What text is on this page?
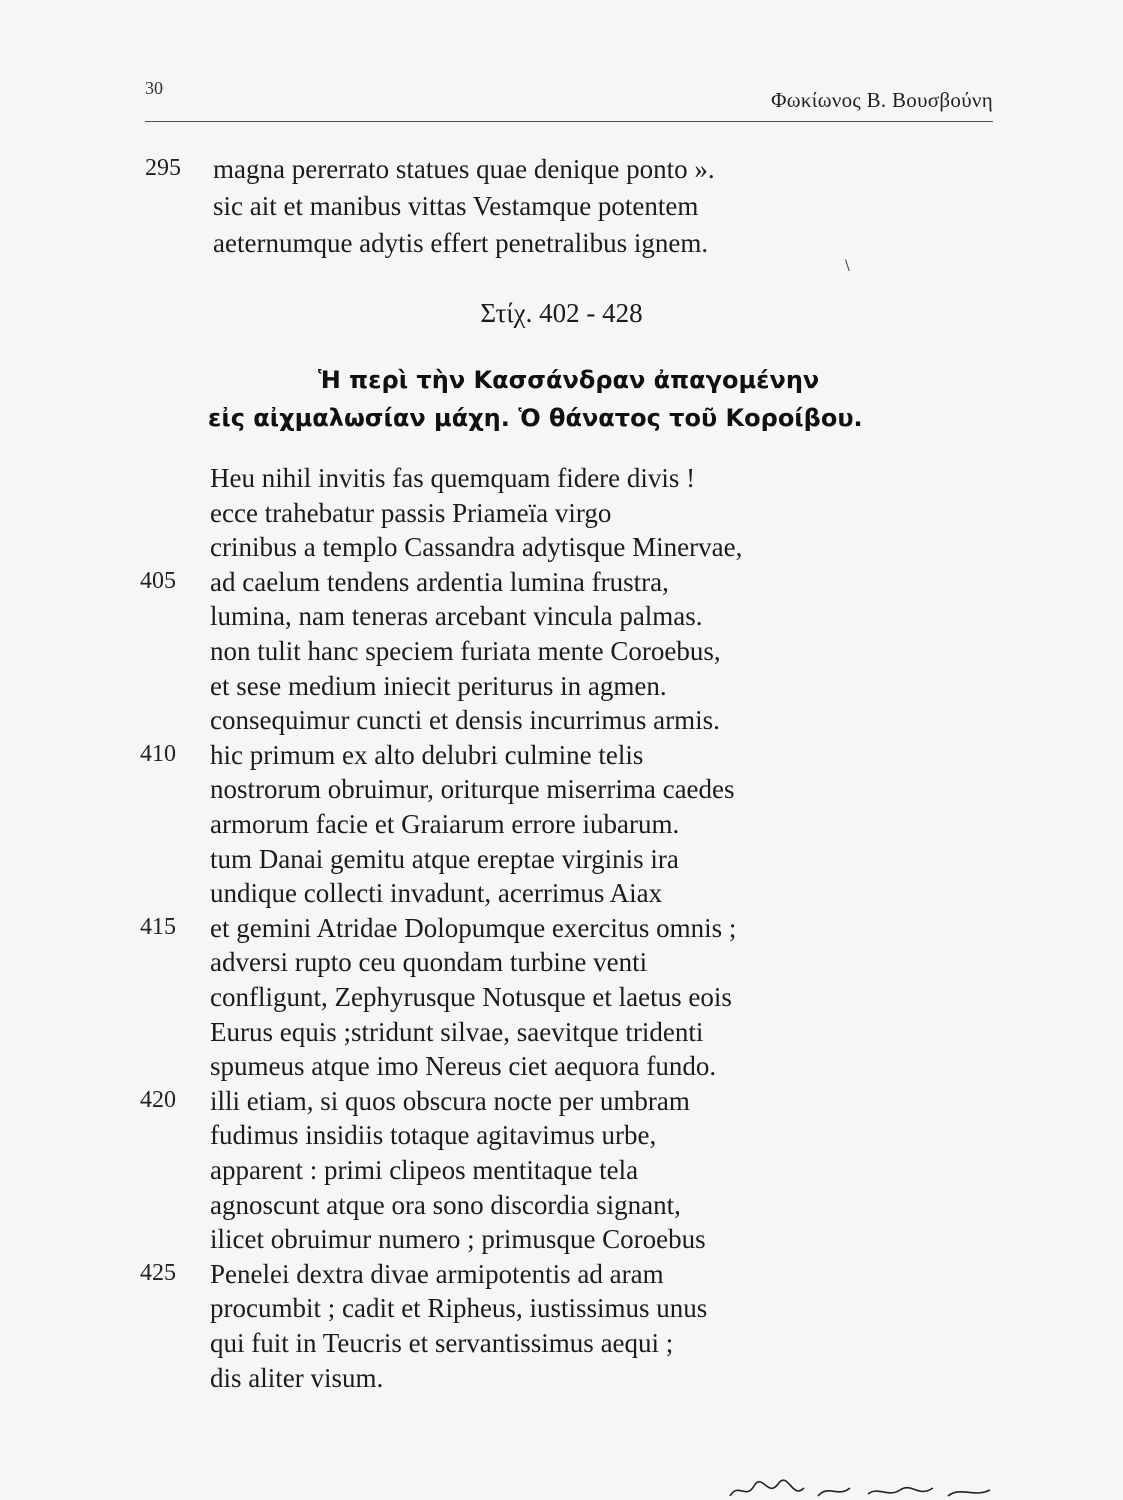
30	Φωκίωνος Β. Βουσβούνη
295 magna pererrato statues quae denique ponto ».
sic ait et manibus vittas Vestamque potentem
aeternumque adytis effert penetralibus ignem.
\
Στίχ. 402 - 428
Ἡ περὶ τὴν Κασσάνδραν ἀπαγομένην
εἰς αἰχμαλωσίαν μάχη. Ὁ θάνατος τοῦ Κοροίβου.
Heu nihil invitis fas quemquam fidere divis !
ecce trahebatur passis Priameïa virgo
crinibus a templo Cassandra adytisque Minervae,
405 ad caelum tendens ardentia lumina frustra,
lumina, nam teneras arcebant vincula palmas.
non tulit hanc speciem furiata mente Coroebus,
et sese medium iniecit periturus in agmen.
consequimur cuncti et densis incurrimus armis.
410 hic primum ex alto delubri culmine telis
nostrorum obruimur, oriturque miserrima caedes
armorum facie et Graiarum errore iubarum.
tum Danai gemitu atque ereptae virginis ira
undique collecti invadunt, acerrimus Aiax
415 et gemini Atridae Dolopumque exercitus omnis ;
adversi rupto ceu quondam turbine venti
confligunt, Zephyrusque Notusque et laetus eois
Eurus equis ;stridunt silvae, saevitque tridenti
spumeus atque imo Nereus ciet aequora fundo.
420 illi etiam, si quos obscura nocte per umbram
fudimus insidiis totaque agitavimus urbe,
apparent : primi clipeos mentitaque tela
agnoscunt atque ora sono discordia signant,
ilicet obruimur numero ; primusque Coroebus
425 Penelei dextra divae armipotentis ad aram
procumbit ; cadit et Ripheus, iustissimus unus
qui fuit in Teucris et servantissimus aequi ;
dis aliter visum.
